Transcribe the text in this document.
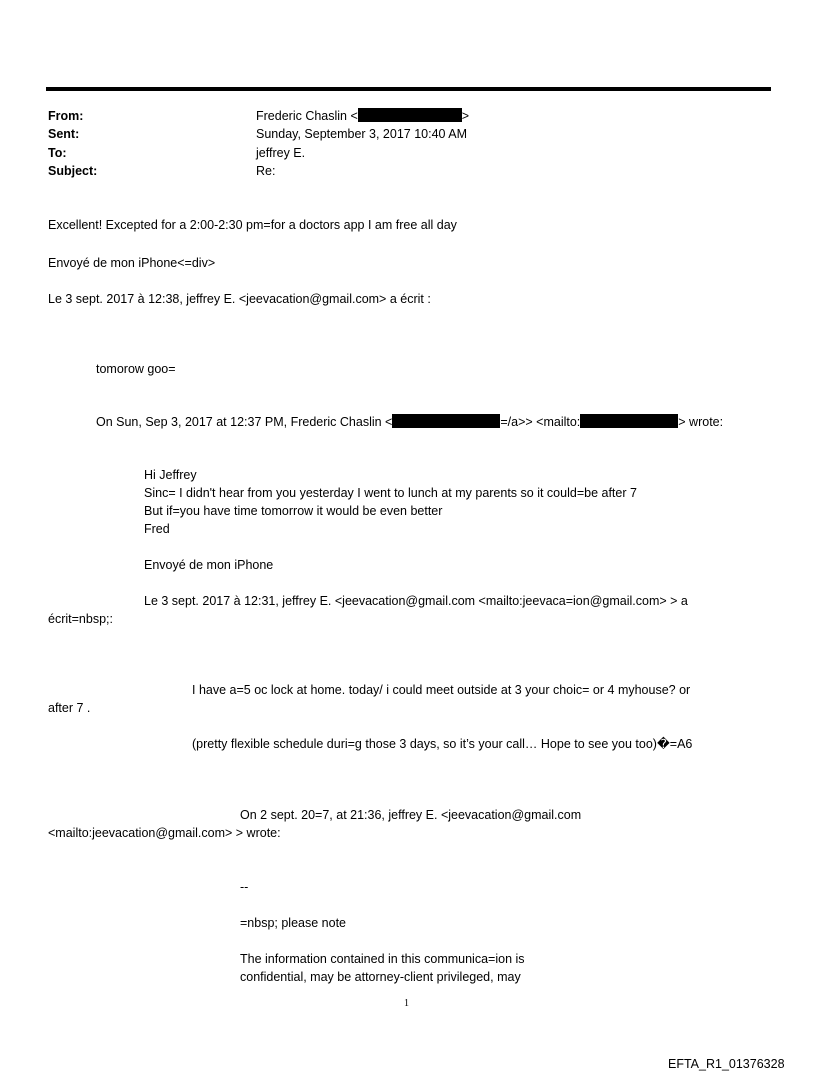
From:	Frederic Chaslin <	>
Sent:	Sunday, September 3, 2017 10:40 AM
To:	jeffrey E.
Subject:	Re:
Excellent! Excepted for a 2:00-2:30 pm=for a doctors app I am free all day
Envoyé de mon iPhone<=div>
Le 3 sept. 2017 à 12:38, jeffrey E. <jeevacation@gmail.com> a écrit :
tomorow goo=
On Sun, Sep 3, 2017 at 12:37 PM, Frederic Chaslin <	=/a>> <mailto:	> wrote:
Hi Jeffrey
Sinc= I didn't hear from you yesterday I went to lunch at my parents so it could=be after 7
But if=you have time tomorrow it would be even better
Fred
Envoyé de mon iPhone
Le 3 sept. 2017 à 12:31, jeffrey E. <jeevacation@gmail.com <mailto:jeevaca=ion@gmail.com> > a
écrit=nbsp;:
I have a=5 oc lock at home. today/ i could meet outside at 3 your choic= or 4 myhouse? or
after 7 .
(pretty flexible schedule duri=g those 3 days, so it’s your call… Hope to see you too)�=A6
On 2 sept. 20=7, at 21:36, jeffrey E. <jeevacation@gmail.com
<mailto:jeevacation@gmail.com> > wrote:
--
=nbsp; please note
The information contained in this communica=ion is
confidential, may be attorney-client privileged, may
1
EFTA_R1_01376328
